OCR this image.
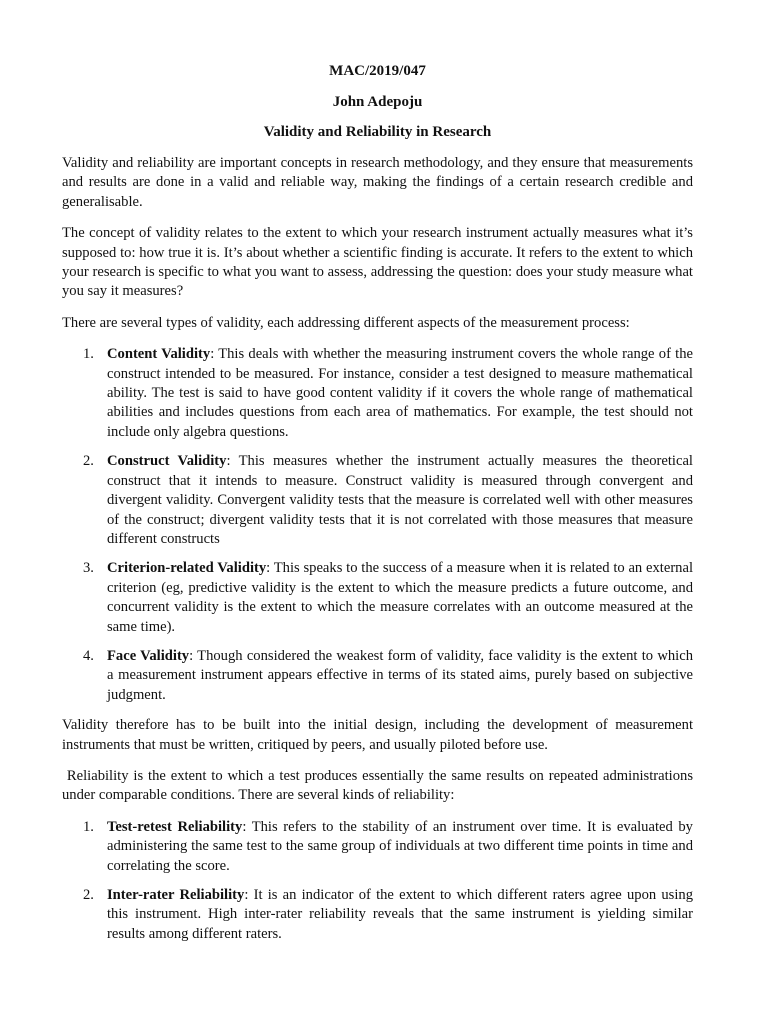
MAC/2019/047
John Adepoju
Validity and Reliability in Research

Validity and reliability are important concepts in research methodology, and they ensure that measurements and results are done in a valid and reliable way, making the findings of a certain research credible and generalisable.

The concept of validity relates to the extent to which your research instrument actually measures what it’s supposed to: how true it is. It’s about whether a scientific finding is accurate. It refers to the extent to which your research is specific to what you want to assess, addressing the question: does your study measure what you say it measures?

There are several types of validity, each addressing different aspects of the measurement process:

1. Content Validity: This deals with whether the measuring instrument covers the whole range of the construct intended to be measured. For instance, consider a test designed to measure mathematical ability. The test is said to have good content validity if it covers the whole range of mathematical abilities and includes questions from each area of mathematics. For example, the test should not include only algebra questions.
2. Construct Validity: This measures whether the instrument actually measures the theoretical construct that it intends to measure. Construct validity is measured through convergent and divergent validity. Convergent validity tests that the measure is correlated well with other measures of the construct; divergent validity tests that it is not correlated with those measures that measure different constructs
3. Criterion-related Validity: This speaks to the success of a measure when it is related to an external criterion (eg, predictive validity is the extent to which the measure predicts a future outcome, and concurrent validity is the extent to which the measure correlates with an outcome measured at the same time).
4. Face Validity: Though considered the weakest form of validity, face validity is the extent to which a measurement instrument appears effective in terms of its stated aims, purely based on subjective judgment.

Validity therefore has to be built into the initial design, including the development of measurement instruments that must be written, critiqued by peers, and usually piloted before use.

Reliability is the extent to which a test produces essentially the same results on repeated administrations under comparable conditions. There are several kinds of reliability:

1. Test-retest Reliability: This refers to the stability of an instrument over time. It is evaluated by administering the same test to the same group of individuals at two different time points in time and correlating the score.
2. Inter-rater Reliability: It is an indicator of the extent to which different raters agree upon using this instrument. High inter-rater reliability reveals that the same instrument is yielding similar results among different raters.
